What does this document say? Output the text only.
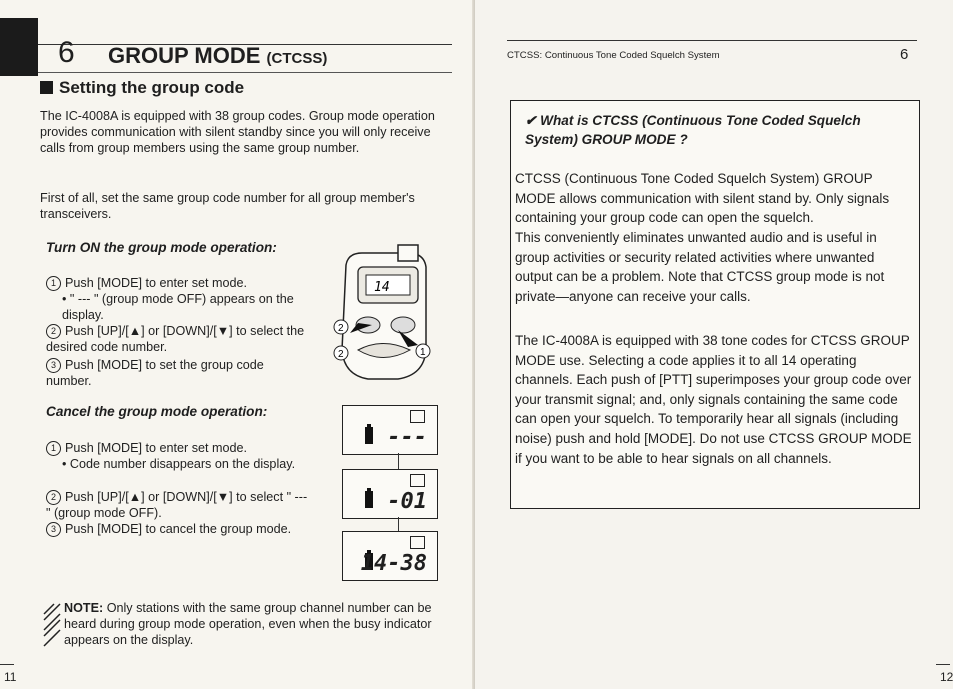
6 GROUP MODE (CTCSS)
Setting the group code
The IC-4008A is equipped with 38 group codes. Group mode operation provides communication with silent standby since you will only receive calls from group members using the same group number.
First of all, set the same group code number for all group member's transceivers.
Turn ON the group mode operation:
1 Push [MODE] to enter set mode.
• " --- " (group mode OFF) appears on the display.
2 Push [UP]/[▲] or [DOWN]/[▼] to select the desired code number.
3 Push [MODE] to set the group code number.
14
2
2	1
Cancel the group mode operation:
1 Push [MODE] to enter set mode.
• Code number disappears on the display.
2 Push [UP]/[▲] or [DOWN]/[▼] to select " --- " (group mode OFF).
3 Push [MODE] to cancel the group mode.
---
-01
14-38
NOTE: Only stations with the same group channel number can be heard during group mode operation, even when the busy indicator appears on the display.
11
CTCSS: Continuous Tone Coded Squelch System	6
✔ What is CTCSS (Continuous Tone Coded Squelch System) GROUP MODE ?
CTCSS (Continuous Tone Coded Squelch System) GROUP MODE allows communication with silent stand by. Only signals containing your group code can open the squelch.
This conveniently eliminates unwanted audio and is useful in group activities or security related activities where unwanted output can be a problem. Note that CTCSS group mode is not private—anyone can receive your calls.
The IC-4008A is equipped with 38 tone codes for CTCSS GROUP MODE use. Selecting a code applies it to all 14 operating channels. Each push of [PTT] superimposes your group code over your transmit signal; and, only signals containing the same code can open your squelch. To temporarily hear all signals (including noise) push and hold [MODE]. Do not use CTCSS GROUP MODE if you want to be able to hear signals on all channels.
12
